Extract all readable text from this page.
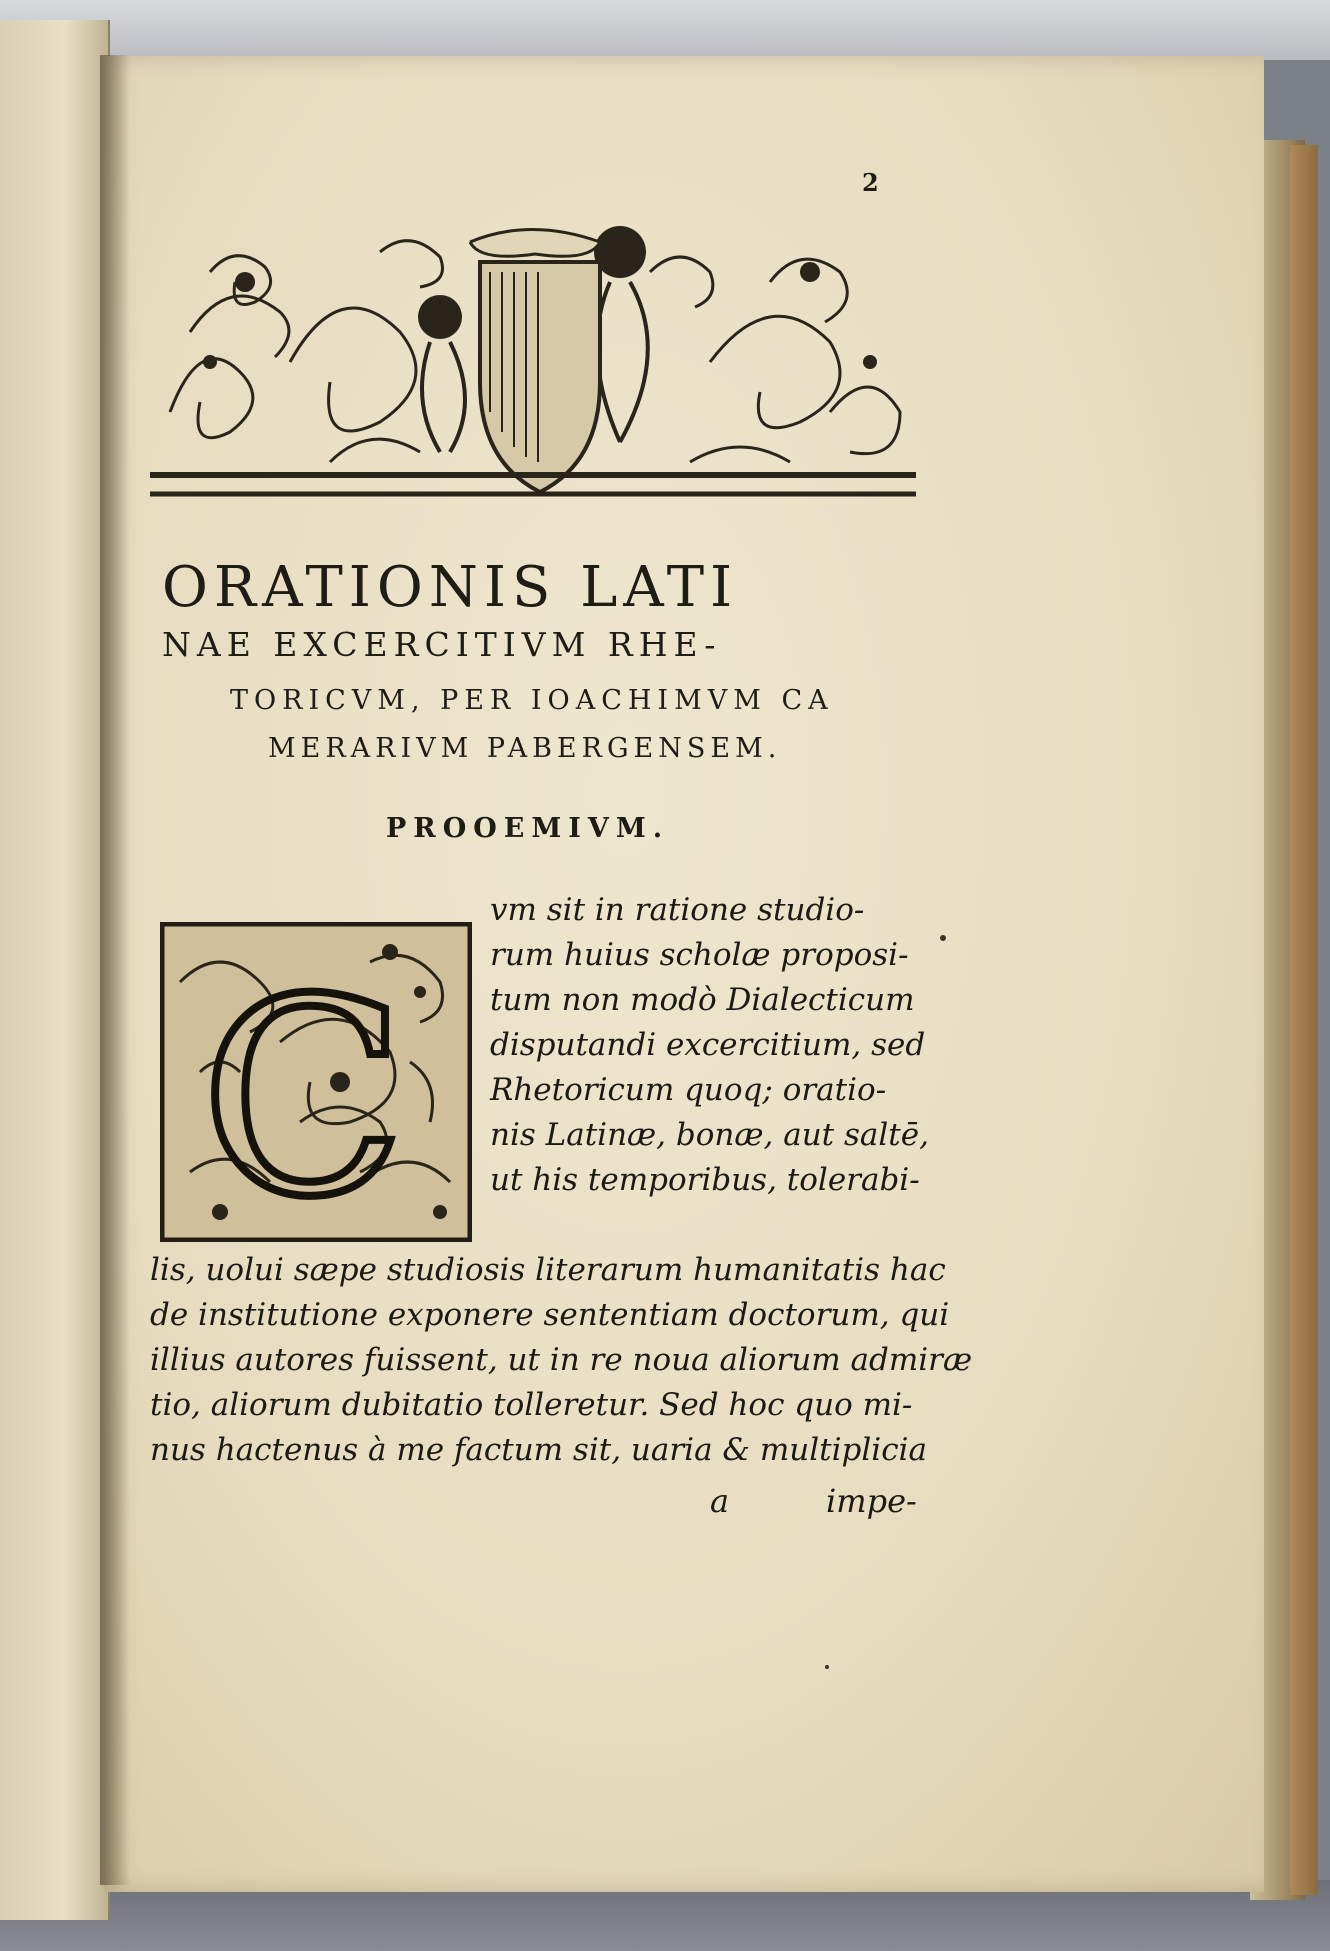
2
ORATIONIS LATI
NAE EXCERCITIVM RHE-
TORICVM, PER IOACHIMVM CA
MERARIVM PABERGENSEM.
PROOEMIVM.
C
vm sit in ratione studio-
rum huius scholæ proposi-
tum non modò Dialecticum
disputandi excercitium, sed
Rhetoricum quoq; oratio-
nis Latinæ, bonæ, aut saltē,
ut his temporibus, tolerabi-
lis, uolui sæpe studiosis literarum humanitatis hac
de institutione exponere sententiam doctorum, qui
illius autores fuissent, ut in re noua aliorum admiræ
tio, aliorum dubitatio tolleretur. Sed hoc quo mi-
nus hactenus à me factum sit, uaria & multiplicia
a	impe-
